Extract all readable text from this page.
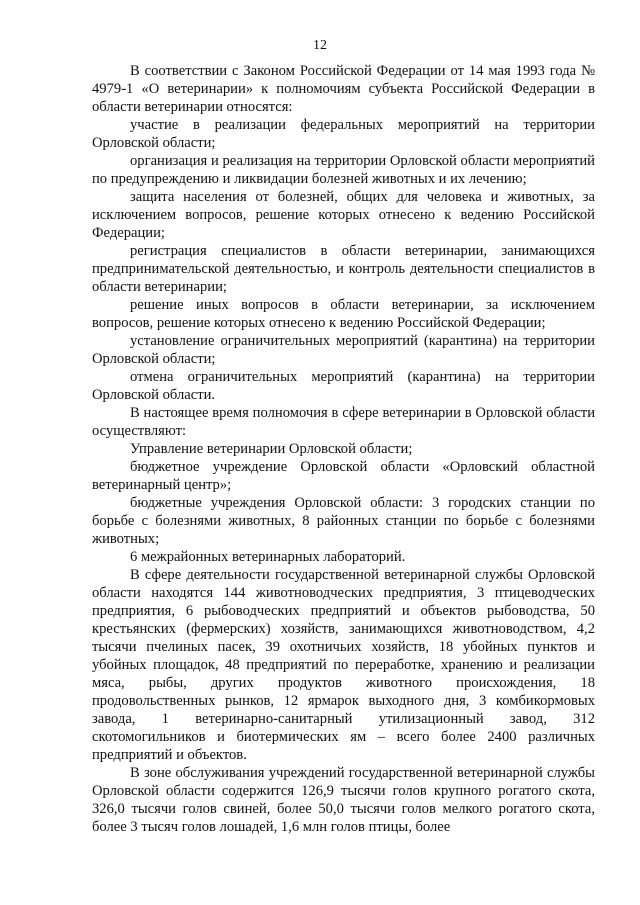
12

В соответствии с Законом Российской Федерации от 14 мая 1993 года № 4979-1 «О ветеринарии» к полномочиям субъекта Российской Федерации в области ветеринарии относятся:

участие в реализации федеральных мероприятий на территории Орловской области;

организация и реализация на территории Орловской области мероприятий по предупреждению и ликвидации болезней животных и их лечению;

защита населения от болезней, общих для человека и животных, за исключением вопросов, решение которых отнесено к ведению Российской Федерации;

регистрация специалистов в области ветеринарии, занимающихся предпринимательской деятельностью, и контроль деятельности специалистов в области ветеринарии;

решение иных вопросов в области ветеринарии, за исключением вопросов, решение которых отнесено к ведению Российской Федерации;

установление ограничительных мероприятий (карантина) на территории Орловской области;

отмена ограничительных мероприятий (карантина) на территории Орловской области.

В настоящее время полномочия в сфере ветеринарии в Орловской области осуществляют:

Управление ветеринарии Орловской области;

бюджетное учреждение Орловской области «Орловский областной ветеринарный центр»;

бюджетные учреждения Орловской области: 3 городских станции по борьбе с болезнями животных, 8 районных станции по борьбе с болезнями животных;

6 межрайонных ветеринарных лабораторий.

В сфере деятельности государственной ветеринарной службы Орловской области находятся 144 животноводческих предприятия, 3 птицеводческих предприятия, 6 рыбоводческих предприятий и объектов рыбоводства, 50 крестьянских (фермерских) хозяйств, занимающихся животноводством, 4,2 тысячи пчелиных пасек, 39 охотничьих хозяйств, 18 убойных пунктов и убойных площадок, 48 предприятий по переработке, хранению и реализации мяса, рыбы, других продуктов животного происхождения, 18 продовольственных рынков, 12 ярмарок выходного дня, 3 комбикормовых завода, 1 ветеринарно-санитарный утилизационный завод, 312 скотомогильников и биотермических ям – всего более 2400 различных предприятий и объектов.

В зоне обслуживания учреждений государственной ветеринарной службы Орловской области содержится 126,9 тысячи голов крупного рогатого скота, 326,0 тысячи голов свиней, более 50,0 тысячи голов мелкого рогатого скота, более 3 тысяч голов лошадей, 1,6 млн голов птицы, более
